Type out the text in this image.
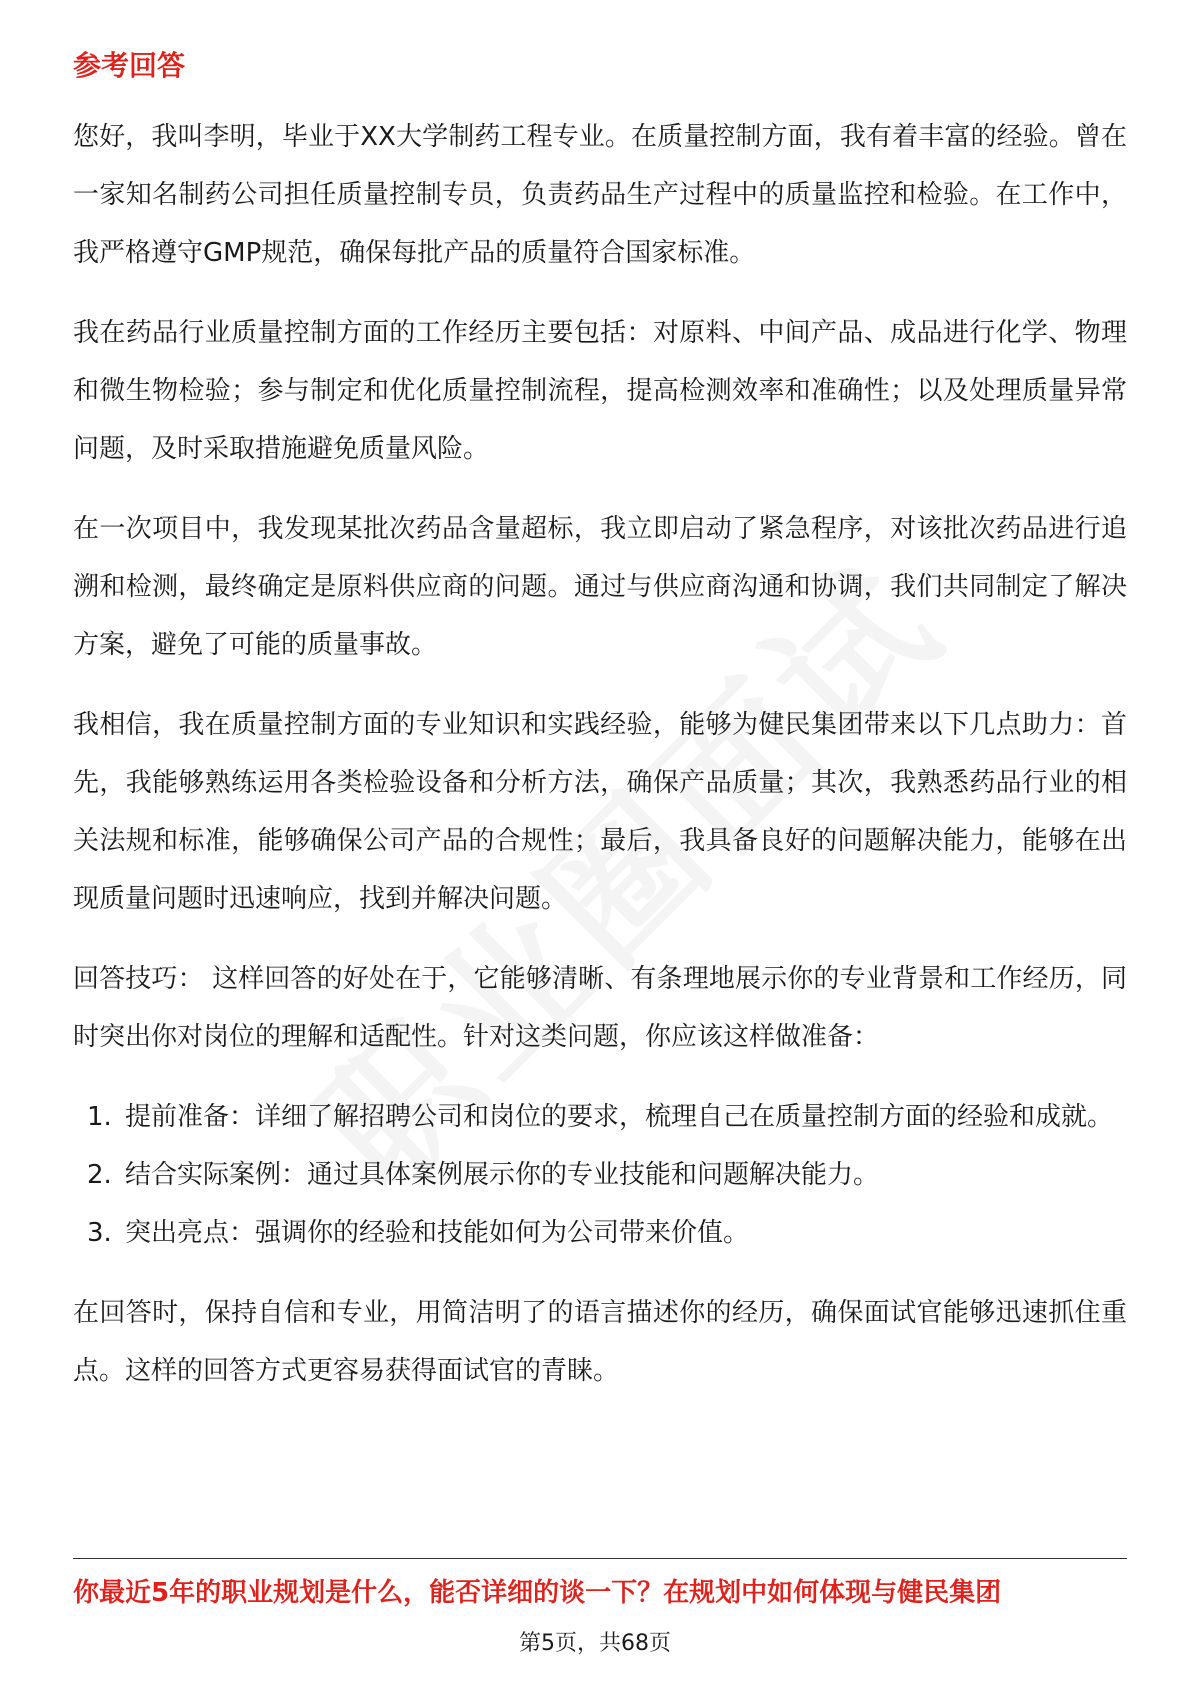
参考回答

您好，我叫李明，毕业于XX大学制药工程专业。在质量控制方面，我有着丰富的经验。曾在一家知名制药公司担任质量控制专员，负责药品生产过程中的质量监控和检验。在工作中，我严格遵守GMP规范，确保每批产品的质量符合国家标准。

我在药品行业质量控制方面的工作经历主要包括：对原料、中间产品、成品进行化学、物理和微生物检验；参与制定和优化质量控制流程，提高检测效率和准确性；以及处理质量异常问题，及时采取措施避免质量风险。

在一次项目中，我发现某批次药品含量超标，我立即启动了紧急程序，对该批次药品进行追溯和检测，最终确定是原料供应商的问题。通过与供应商沟通和协调，我们共同制定了解决方案，避免了可能的质量事故。

我相信，我在质量控制方面的专业知识和实践经验，能够为健民集团带来以下几点助力：首先，我能够熟练运用各类检验设备和分析方法，确保产品质量；其次，我熟悉药品行业的相关法规和标准，能够确保公司产品的合规性；最后，我具备良好的问题解决能力，能够在出现质量问题时迅速响应，找到并解决问题。

回答技巧： 这样回答的好处在于，它能够清晰、有条理地展示你的专业背景和工作经历，同时突出你对岗位的理解和适配性。针对这类问题，你应该这样做准备：

1. 提前准备：详细了解招聘公司和岗位的要求，梳理自己在质量控制方面的经验和成就。
2. 结合实际案例：通过具体案例展示你的专业技能和问题解决能力。
3. 突出亮点：强调你的经验和技能如何为公司带来价值。

在回答时，保持自信和专业，用简洁明了的语言描述你的经历，确保面试官能够迅速抓住重点。这样的回答方式更容易获得面试官的青睐。

你最近5年的职业规划是什么，能否详细的谈一下？在规划中如何体现与健民集团
第5页，共68页
